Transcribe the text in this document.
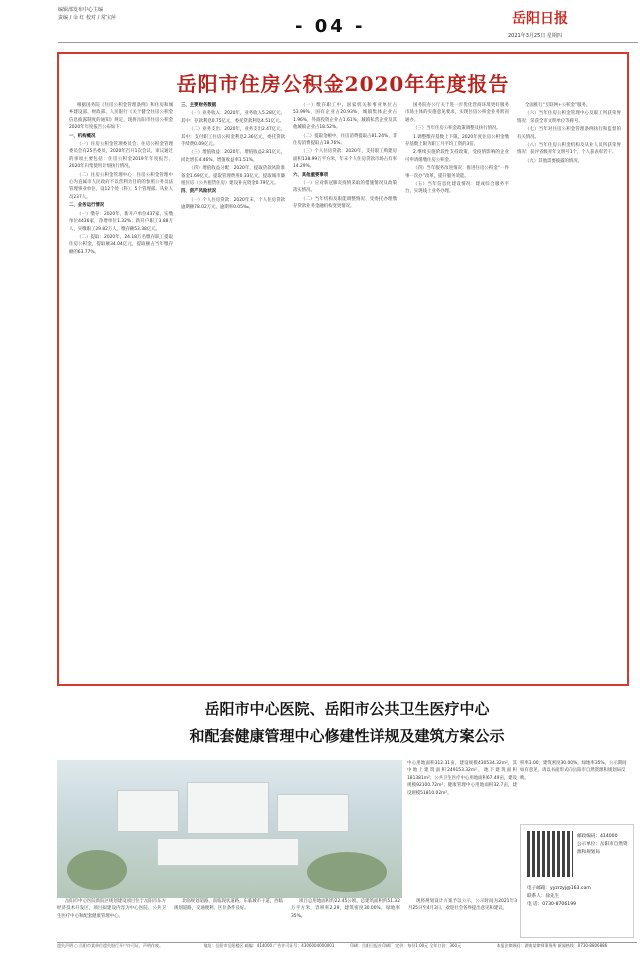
编辑部发布中心主编
责编 / 余 红 校对 / 常宝萍	- 04 -	岳阳日报
2021年3月25日 星期四
岳阳市住房公积金2020年年度报告

根据国务院《住房公积金管理条例》和住房和城乡建设部、财政部、人民银行《关于健全住房公积金信息披露制度的通知》规定，现将岳阳市住房公积金2020年年度报告公布如下：

一、机构概况

（一）住房公积金管理委员会：住房公积金管理委员会有25名委员，2020年召开1次会议，审议通过的事项主要包括：住房公积金2019年年度报告、2020年归集使用计划执行情况。

（二）住房公积金管理中心：住房公积金管理中心为直属市人民政府不以营利为目的的参照公务员法管理事业单位，设12个处（科），5个管理部。从业人员237人。

二、业务运行情况

（一）缴存：2020年，新开户单位437家，实缴单位4436家，净增单位1.32%；新开户职工3.88万人，实缴职工29.82万人，缴存额53.38亿元。

（二）提取：2020年，24.18万名缴存职工提取住房公积金，提取额34.04亿元，提取额占当年缴存额的63.77%。

三、主要财务数据

（一）业务收入：2020年，业务收入5.28亿元，其中：存款利息0.75亿元，委托贷款利息4.51亿元。

（二）业务支出：2020年，业务支出2.47亿元，其中：支付职工住房公积金利息2.36亿元，委托贷款手续费0.09亿元。

（三）增值收益：2020年，增值收益2.81亿元，同比增长4.46%，增值收益率1.51%。

（四）增值收益分配：2020年，提取贷款风险准备金1.69亿元，提取管理费用0.33亿元，提取城市廉租住房（公共租赁住房）建设补充资金0.79亿元。

四、资产风险状况

（一）个人住房贷款：2020年末，个人住房贷款逾期额78.02万元，逾期率0.05‰。

（一）缴存职工中，国家机关和事业单位占53.99%，国有企业占20.93%，城镇集体企业占1.96%，外商投资企业占1.61%，城镇私营企业及其他城镇企业占18.52%。

（二）提取金额中，住房消费提取占81.24%，非住房消费提取占18.76%。

（三）个人住房贷款：2020年，支持职工购建房面积138.99万平方米，年末个人住房贷款市场占有率14.29%。

六、其他重要事项

（一）应对新冠肺炎疫情采取的措施情况及政策落实情况。

（二）当年机构及职能调整情况、受委托办理缴存贷款业务金融机构变更情况。

国务院办公厅关于进一步优化营商环境更好服务市场主体的实施意见要求，实现住房公积金业务跨省通办。

（三）当年住房公积金政策调整及执行情况。

1.调整缴存基数上下限。2020年度住房公积金缴存基数上限为职工月平均工资的3倍。

2.继续实施阶段性支持政策，受疫情影响的企业可申请缓缴住房公积金。

（四）当年服务改进情况：推进住房公积金“一件事一次办”改革，提升服务效能。

（五）当年信息化建设情况：建成综合服务平台，实现线上业务办理。

全面推行“互联网+公积金”服务。

（六）当年住房公积金管理中心及职工所获荣誉情况：荣获全市文明单位等称号。

（七）当年对住房公积金管理条例执行和监督的有关情况。

（八）当年住房公积金机构及从业人员所获荣誉情况：获评省级青年文明号1个，个人获表彰若干。

（九）其他需要披露的情况。

岳阳市中心医院、岳阳市公共卫生医疗中心
和配套健康管理中心修建性详规及建筑方案公示
中心用地面积312.31亩，建设规模430534.32m²，其中地上建筑面积249153.32m²，地下建筑面积181381m²；公共卫生医疗中心用地面积67.49亩，建设规模92100.72m²；健康管理中心用地面积32.7亩，建设规模51810.02m²。
积率3.00，建筑密度30.00%，绿地率35%。公示期间如有意见，请以书面形式向岳阳市自然资源和规划局反映。
邮政编码：414000
公示单位：岳阳市自然资源和规划局
电子邮箱：yyzrzyj@163.com
联系人：徐先生
电 话：0730-8706199
岳阳市中心医院新院区规划建设项目位于岳阳市东方经济技术开发区，项目拟建设内容为中心医院、公共卫生医疗中心和配套健康管理中心。
北临规划道路，南临现状道路，东临城市干道，西临规划道路，交通便利，区位条件良好。
项目总用地面积约22.45公顷，总建筑面积约51.32万平方米，容积率2.29，建筑密度30.00%，绿地率35%。
现将规划设计方案予以公示，公示时间为2021年3月25日至4月3日，欢迎社会各界提出意见和建议。
遗失声明 ○ 岳阳市某单位遗失银行开户许可证，声明作废。	地址：岳阳市岳阳楼区 邮编：414000 广告许可证号：4306004000001	印刷：岳阳日报社印刷厂 定价：每份1.00元 全年订价：360元	本报法律顾问：湖南某律师事务所 新闻热线：0730-8806886
